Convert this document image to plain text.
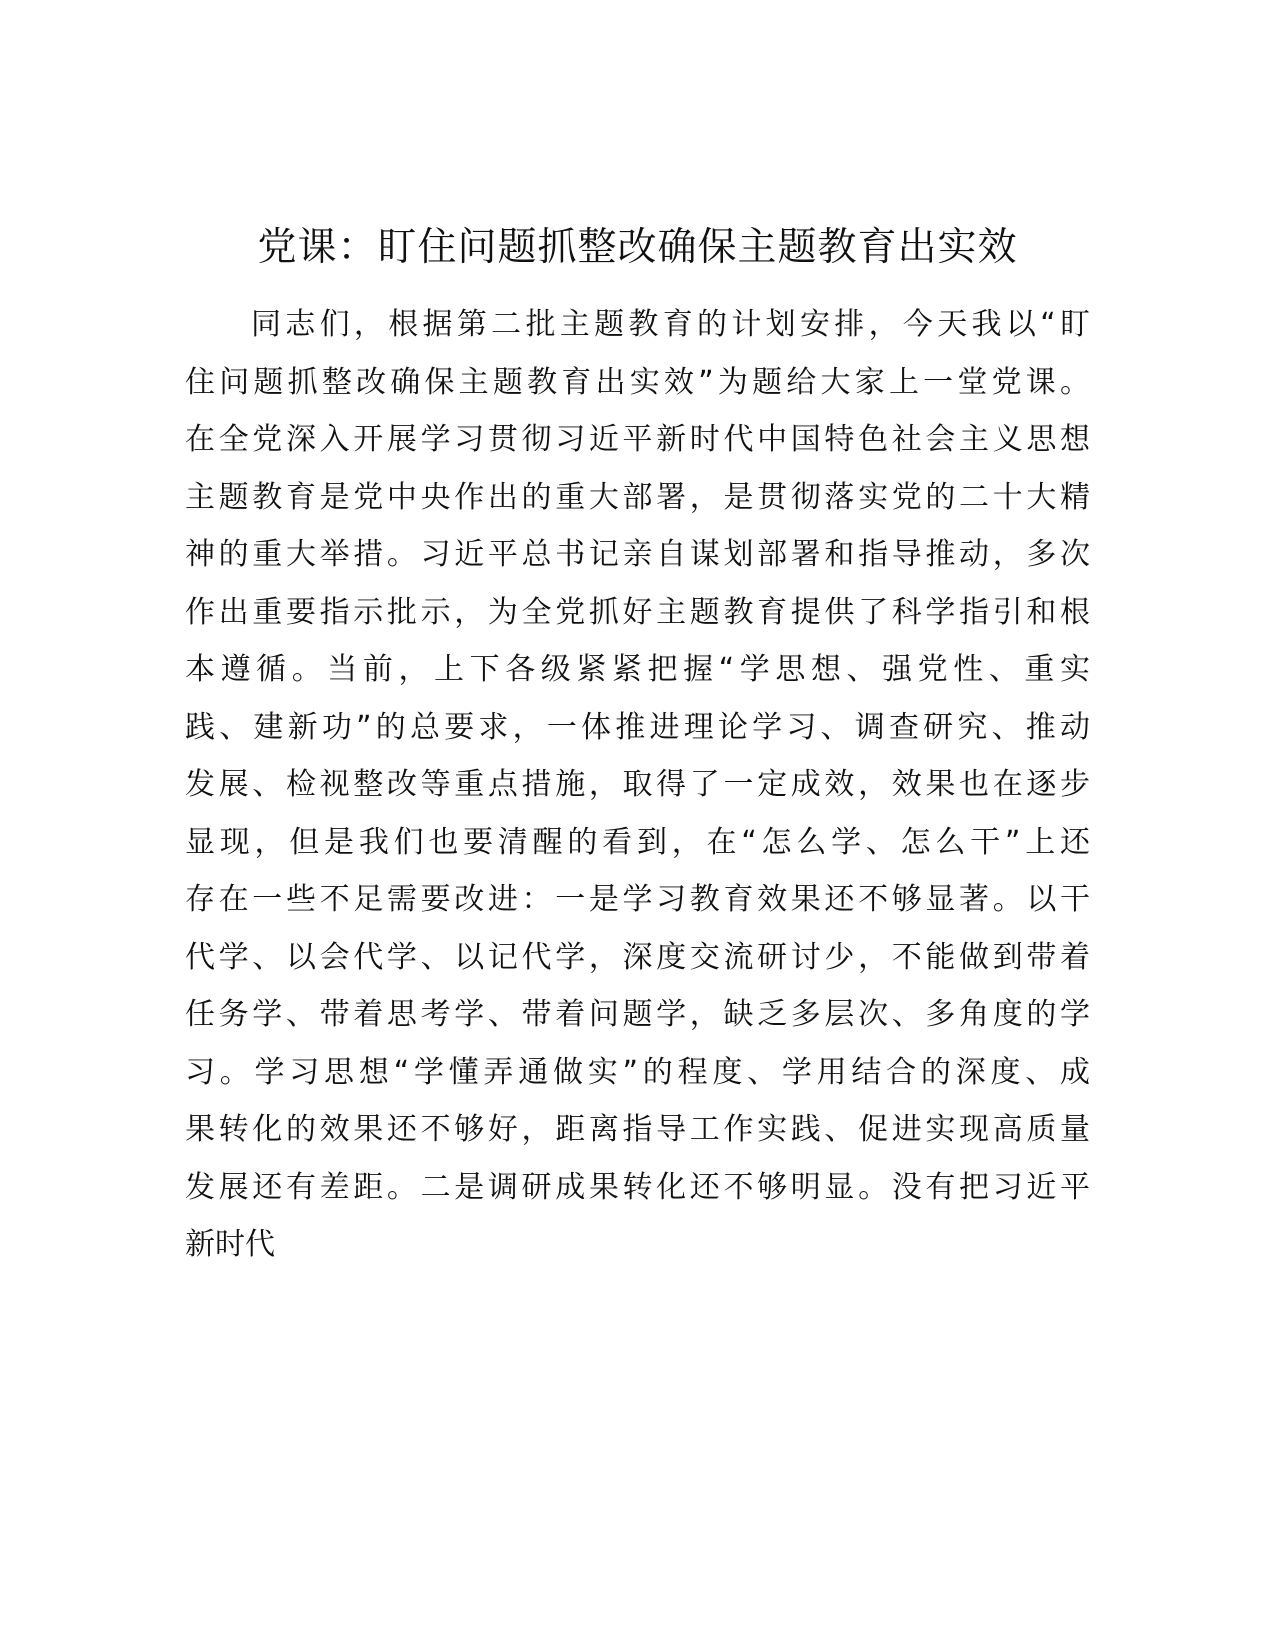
党课：盯住问题抓整改确保主题教育出实效
同志们，根据第二批主题教育的计划安排，今天我以“盯
住问题抓整改确保主题教育出实效”为题给大家上一堂党课。
在全党深入开展学习贯彻习近平新时代中国特色社会主义思想
主题教育是党中央作出的重大部署，是贯彻落实党的二十大精
神的重大举措。习近平总书记亲自谋划部署和指导推动，多次
作出重要指示批示，为全党抓好主题教育提供了科学指引和根
本遵循。当前，上下各级紧紧把握“学思想、强党性、重实
践、建新功”的总要求，一体推进理论学习、调查研究、推动
发展、检视整改等重点措施，取得了一定成效，效果也在逐步
显现，但是我们也要清醒的看到，在“怎么学、怎么干”上还
存在一些不足需要改进：一是学习教育效果还不够显著。以干
代学、以会代学、以记代学，深度交流研讨少，不能做到带着
任务学、带着思考学、带着问题学，缺乏多层次、多角度的学
习。学习思想“学懂弄通做实”的程度、学用结合的深度、成
果转化的效果还不够好，距离指导工作实践、促进实现高质量
发展还有差距。二是调研成果转化还不够明显。没有把习近平
新时代
